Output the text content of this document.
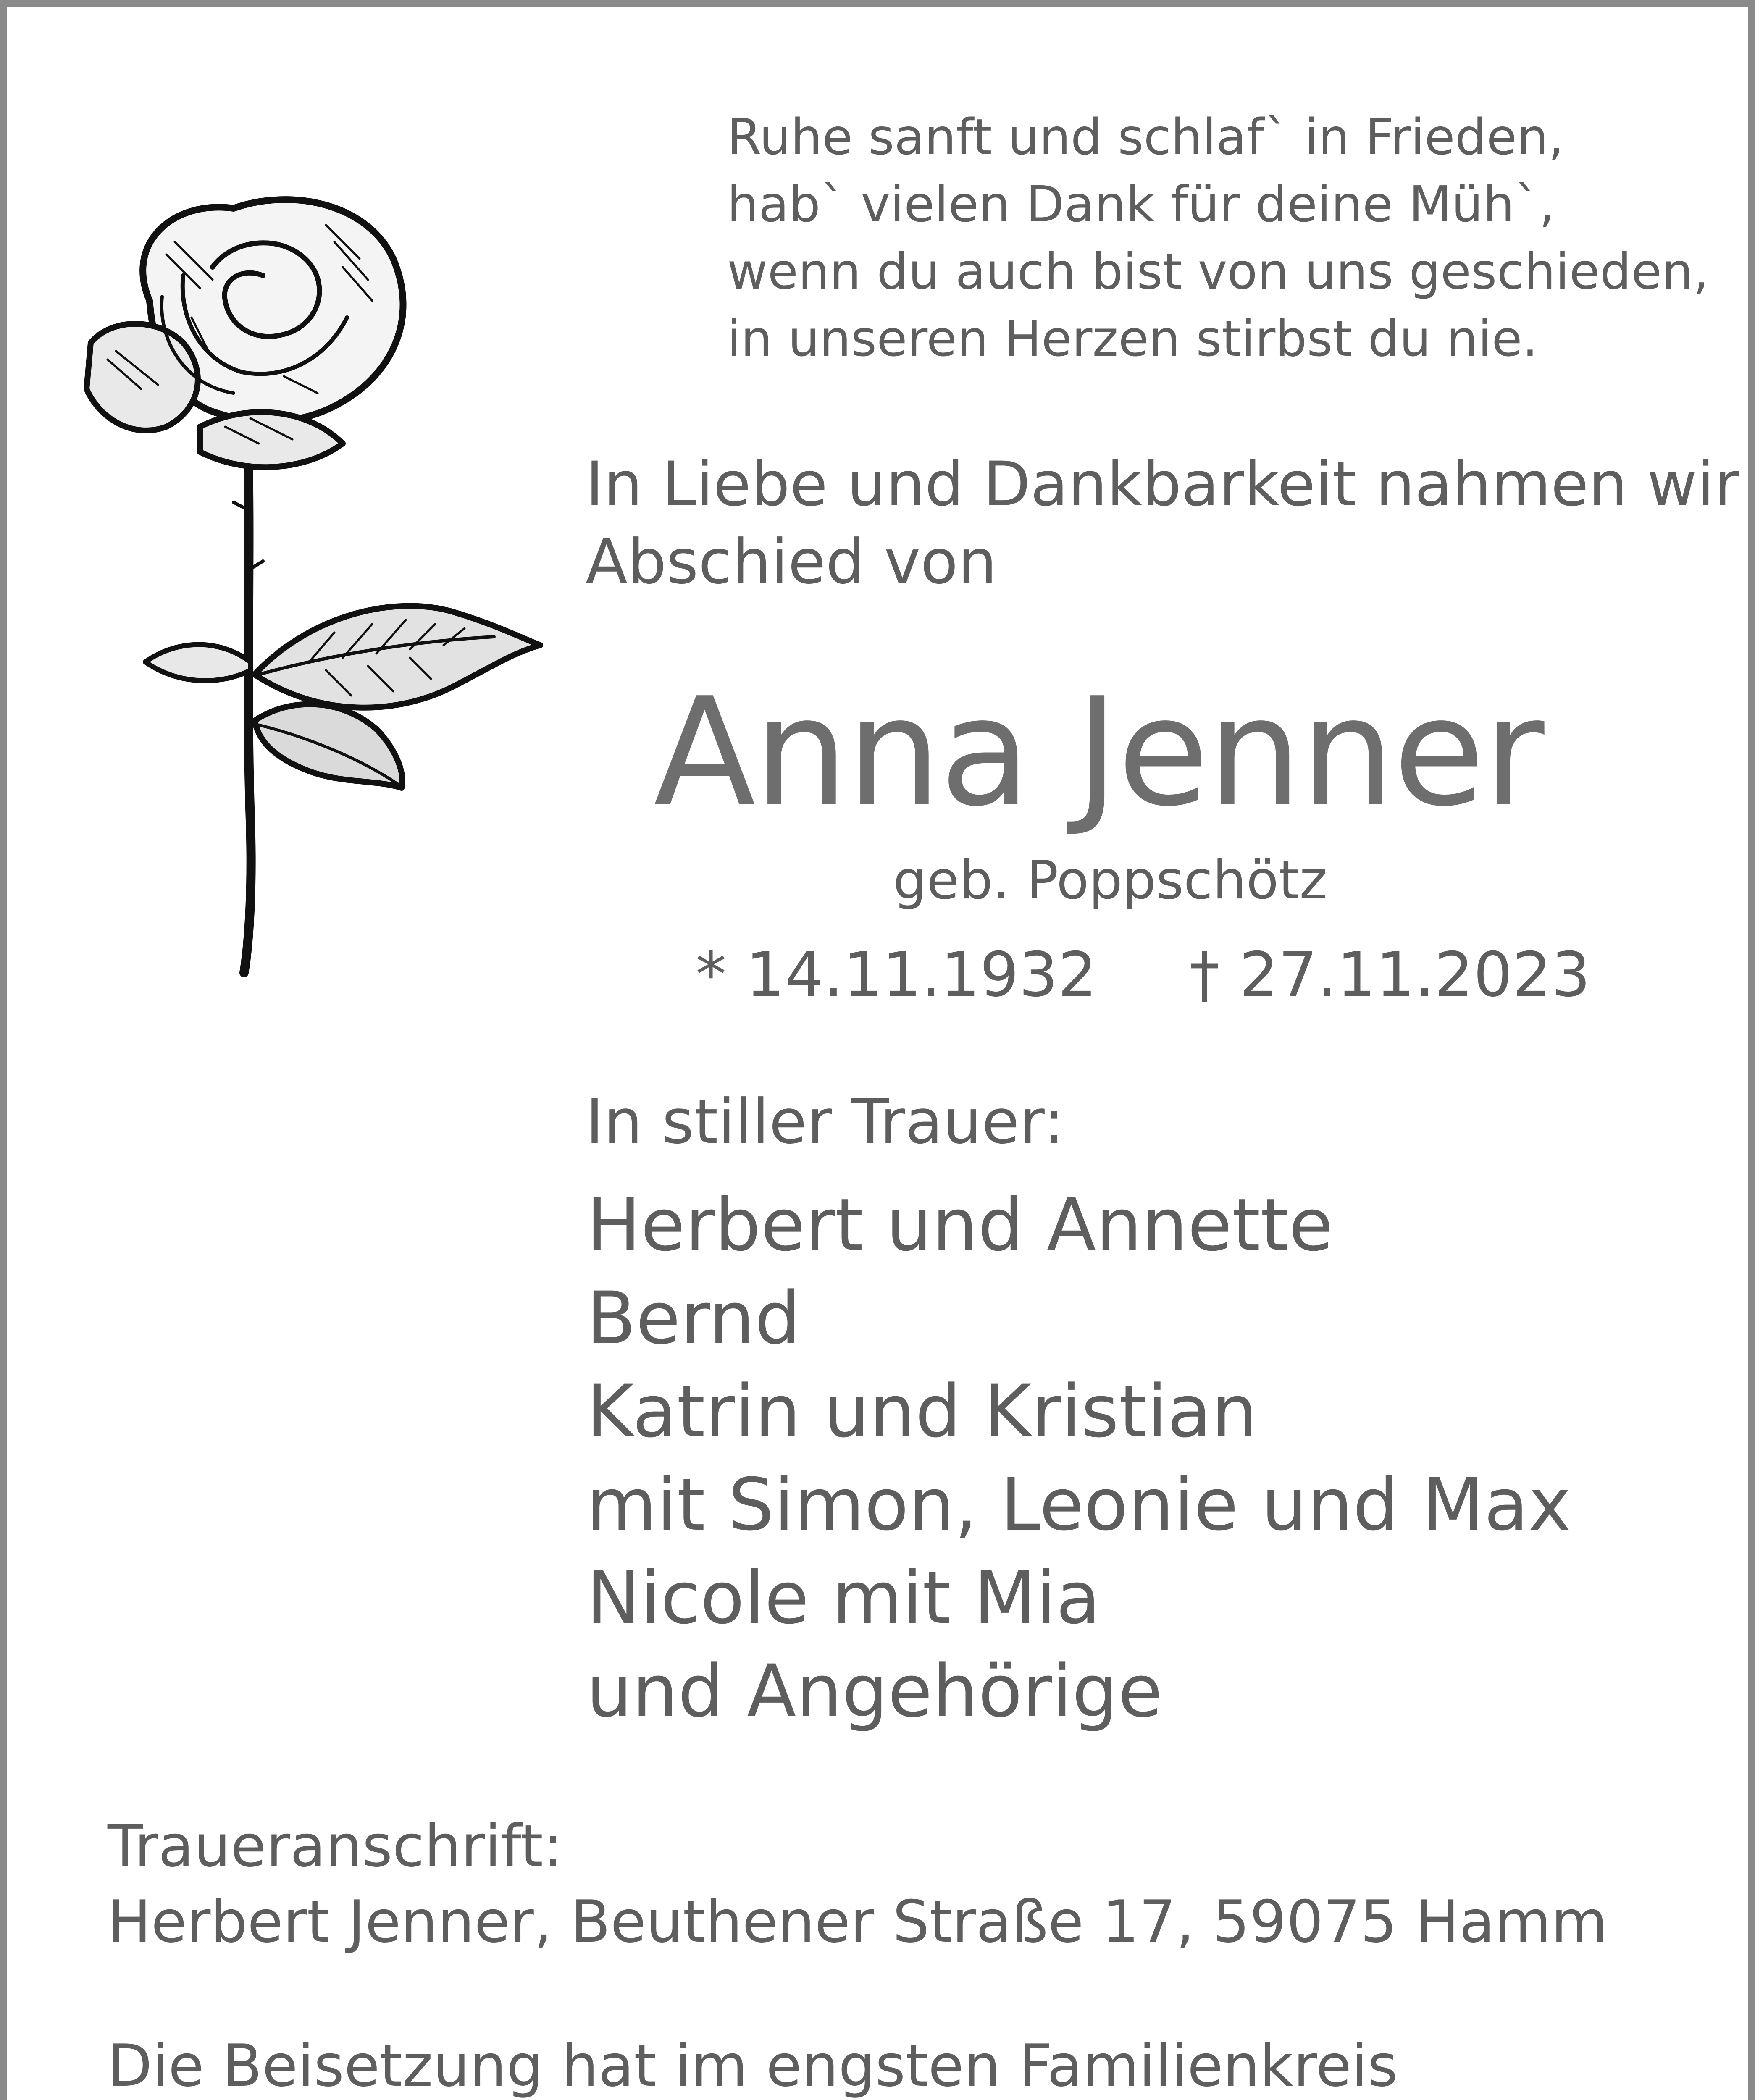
Ruhe sanft und schlaf` in Frieden,
hab` vielen Dank für deine Müh`,
wenn du auch bist von uns geschieden,
in unseren Herzen stirbst du nie.
In Liebe und Dankbarkeit nahmen wir
Abschied von
Anna Jenner
geb. Poppschötz
* 14.11.1932 † 27.11.2023
In stiller Trauer:
Herbert und Annette
Bernd
Katrin und Kristian
mit Simon, Leonie und Max
Nicole mit Mia
und Angehörige
Traueranschrift:
Herbert Jenner, Beuthener Straße 17, 59075 Hamm
Die Beisetzung hat im engsten Familienkreis
